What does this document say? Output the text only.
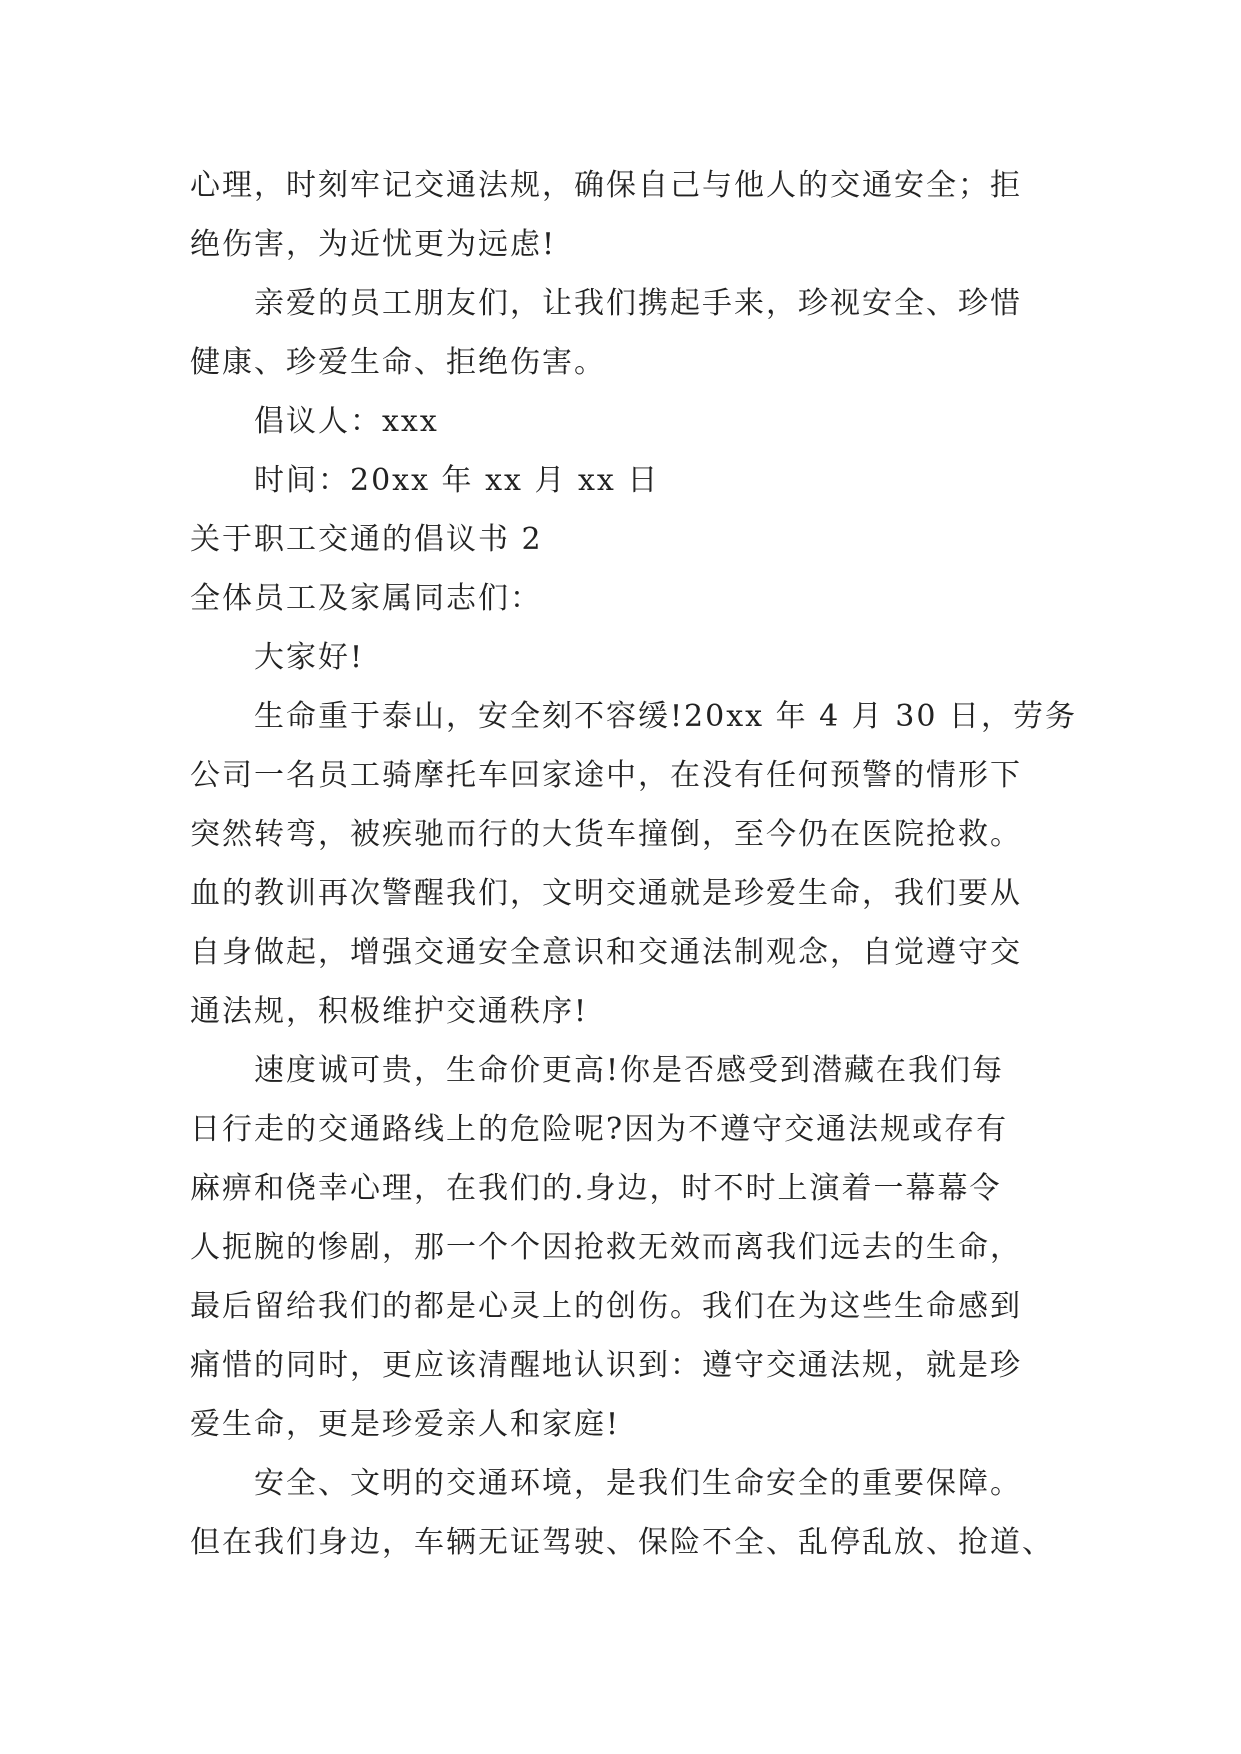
心理，时刻牢记交通法规，确保自己与他人的交通安全；拒
绝伤害，为近忧更为远虑!
亲爱的员工朋友们，让我们携起手来，珍视安全、珍惜
健康、珍爱生命、拒绝伤害。
倡议人：xxx
时间：20xx 年 xx 月 xx 日
关于职工交通的倡议书 2
全体员工及家属同志们：
大家好!
生命重于泰山，安全刻不容缓!20xx 年 4 月 30 日，劳务
公司一名员工骑摩托车回家途中，在没有任何预警的情形下
突然转弯，被疾驰而行的大货车撞倒，至今仍在医院抢救。
血的教训再次警醒我们，文明交通就是珍爱生命，我们要从
自身做起，增强交通安全意识和交通法制观念，自觉遵守交
通法规，积极维护交通秩序!
速度诚可贵，生命价更高!你是否感受到潜藏在我们每
日行走的交通路线上的危险呢?因为不遵守交通法规或存有
麻痹和侥幸心理，在我们的.身边，时不时上演着一幕幕令
人扼腕的惨剧，那一个个因抢救无效而离我们远去的生命，
最后留给我们的都是心灵上的创伤。我们在为这些生命感到
痛惜的同时，更应该清醒地认识到：遵守交通法规，就是珍
爱生命，更是珍爱亲人和家庭!
安全、文明的交通环境，是我们生命安全的重要保障。
但在我们身边，车辆无证驾驶、保险不全、乱停乱放、抢道、
